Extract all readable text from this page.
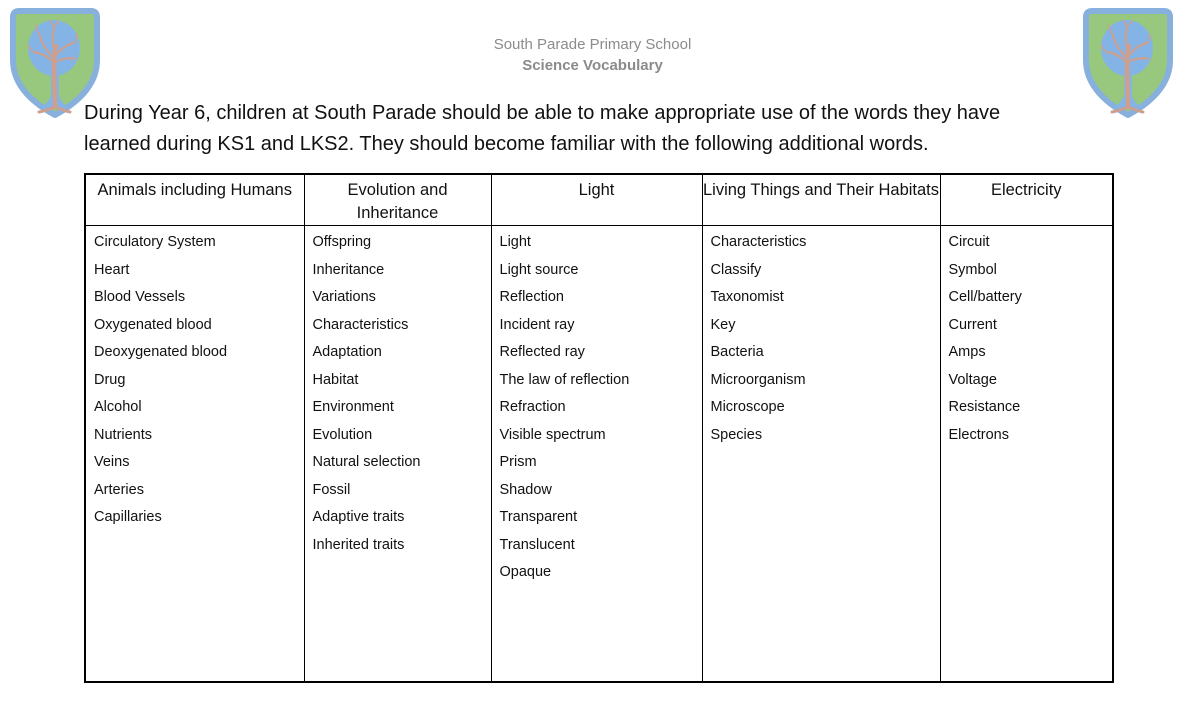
South Parade Primary School
Science Vocabulary
During Year 6, children at South Parade should be able to make appropriate use of the words they have
learned during KS1 and LKS2. They should become familiar with the following additional words.
Animals including Humans	Evolution and Inheritance	Light	Living Things and Their Habitats	Electricity

Circulatory System
Heart
Blood Vessels
Oxygenated blood
Deoxygenated blood
Drug
Alcohol
Nutrients
Veins
Arteries
Capillaries

Offspring
Inheritance
Variations
Characteristics
Adaptation
Habitat
Environment
Evolution
Natural selection
Fossil
Adaptive traits
Inherited traits

Light
Light source
Reflection
Incident ray
Reflected ray
The law of reflection
Refraction
Visible spectrum
Prism
Shadow
Transparent
Translucent
Opaque

Characteristics
Classify
Taxonomist
Key
Bacteria
Microorganism
Microscope
Species

Circuit
Symbol
Cell/battery
Current
Amps
Voltage
Resistance
Electrons
